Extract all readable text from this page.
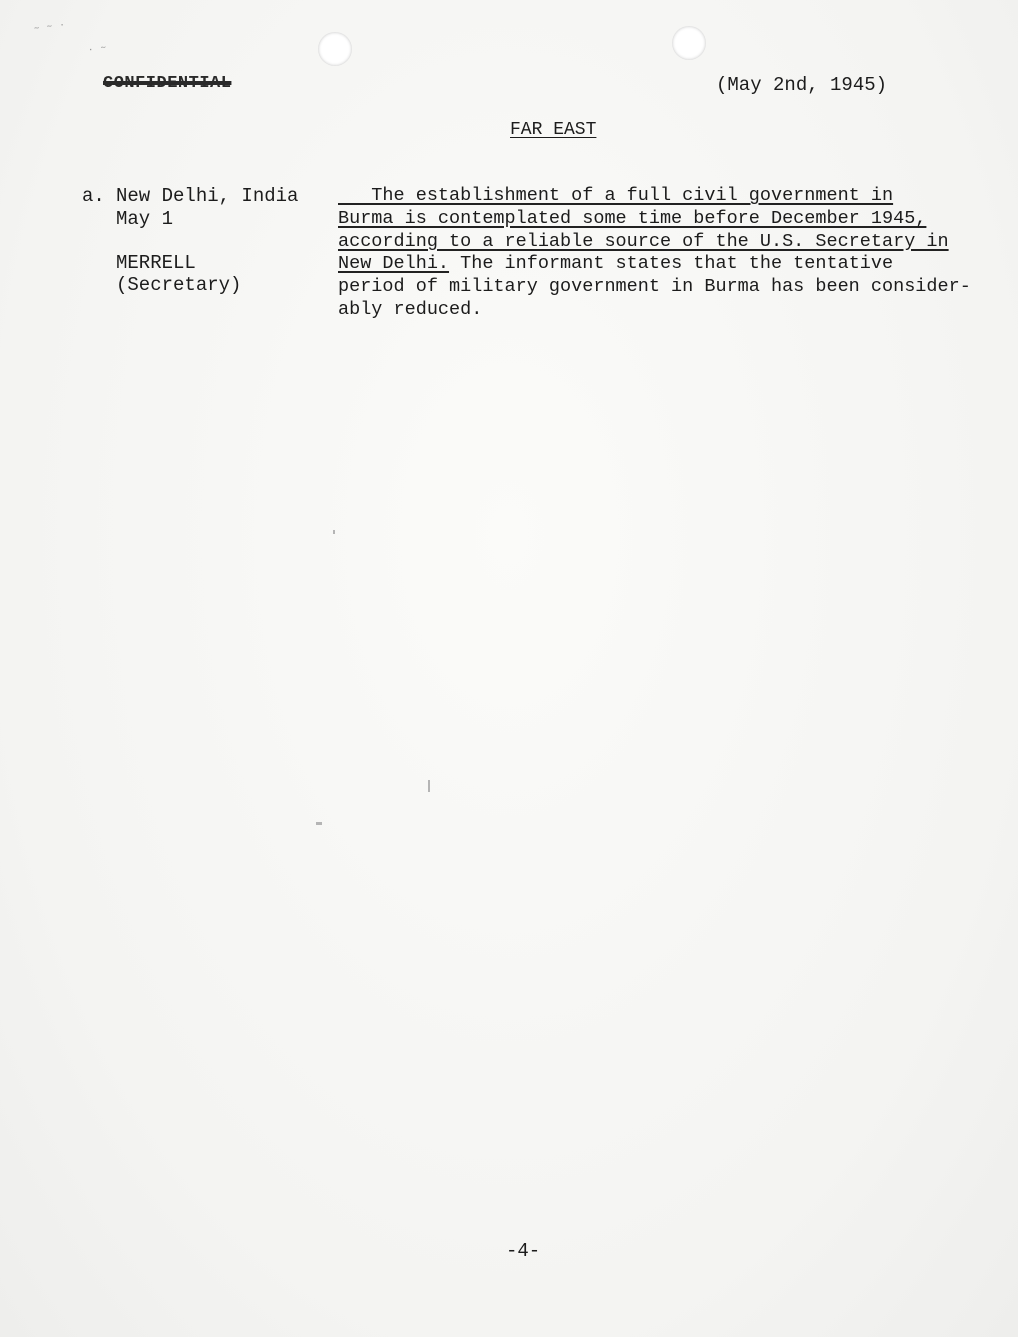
~ ~ ·
· ~
CONFIDENTIAL	(May 2nd, 1945)
FAR EAST
a. New Delhi, India
May 1
MERRELL
(Secretary)
The establishment of a full civil government in
Burma is contemplated some time before December 1945,
according to a reliable source of the U.S. Secretary in
New Delhi. The informant states that the tentative
period of military government in Burma has been consider-
ably reduced.
-4-
